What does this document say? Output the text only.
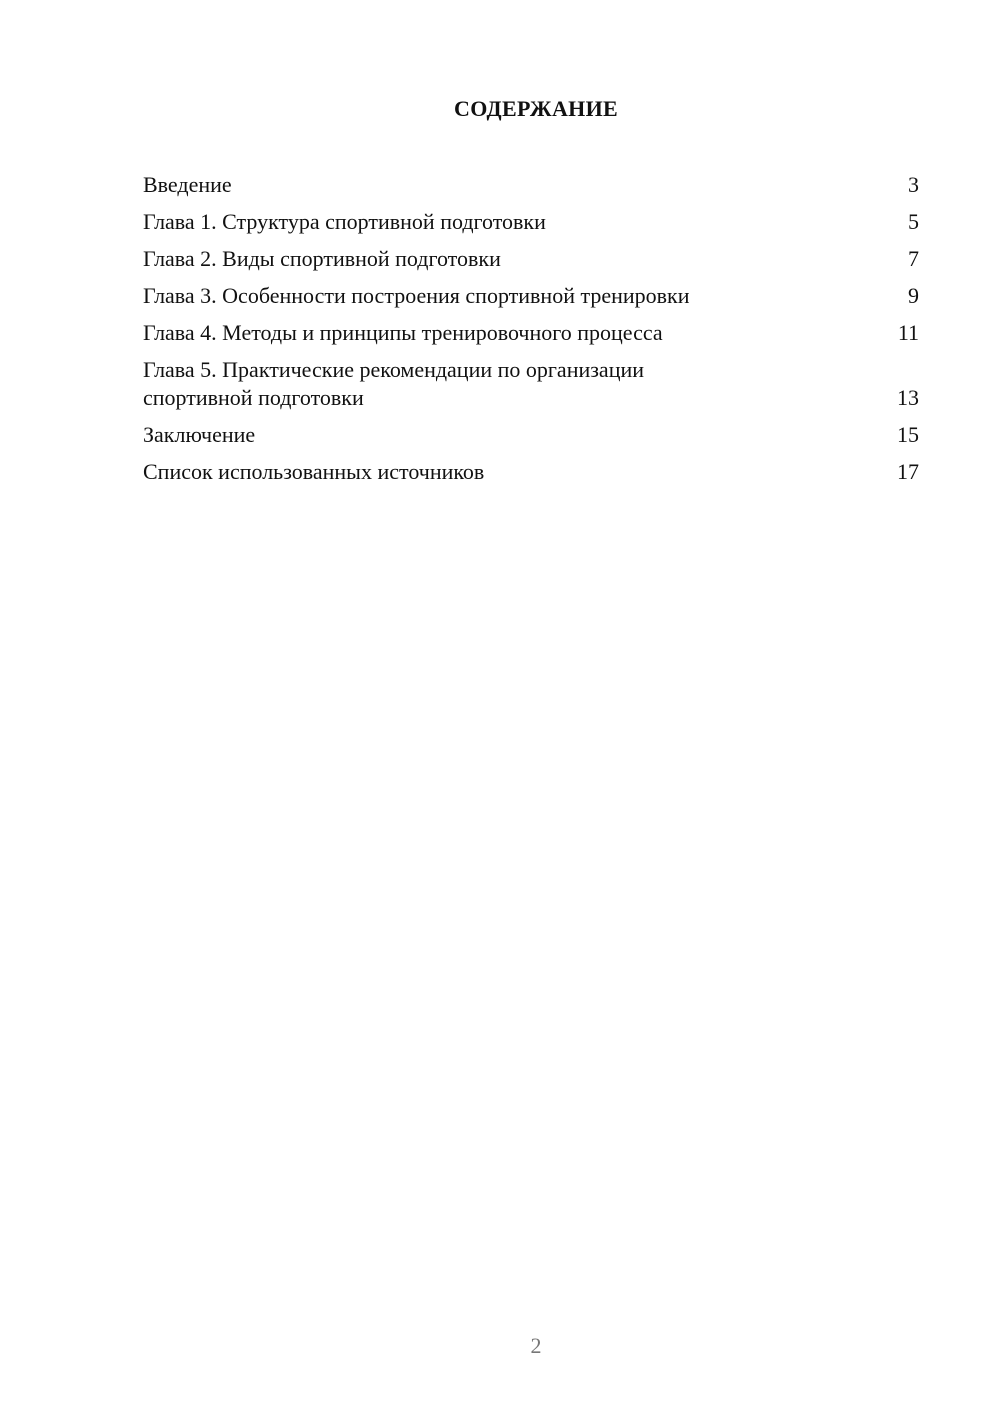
СОДЕРЖАНИЕ
Введение	3
Глава 1. Структура спортивной подготовки	5
Глава 2. Виды спортивной подготовки	7
Глава 3. Особенности построения спортивной тренировки	9
Глава 4. Методы и принципы тренировочного процесса	11
Глава 5. Практические рекомендации по организации спортивной подготовки	13
Заключение	15
Список использованных источников	17
2
